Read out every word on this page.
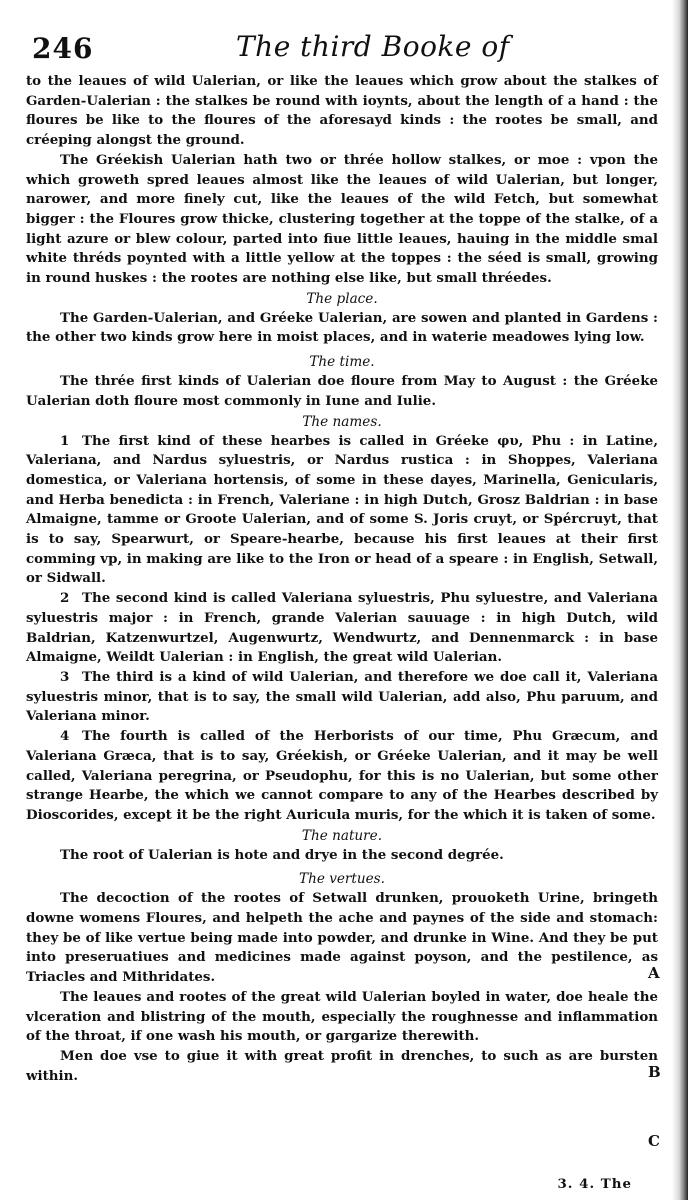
246	The third Booke of

to the leaues of wild Ualerian, or like the leaues which grow about the stalkes of Garden-Ualerian : the stalkes be round with ioynts, about the length of a hand : the floures be like to the floures of the aforesayd kinds : the rootes be small, and créeping alongst the ground.

The Gréekish Ualerian hath two or thrée hollow stalkes, or moe : vpon the which groweth spred leaues almost like the leaues of wild Ualerian, but longer, narower, and more finely cut, like the leaues of the wild Fetch, but somewhat bigger : the Floures grow thicke, clustering together at the toppe of the stalke, of a light azure or blew colour, parted into fiue little leaues, hauing in the middle smal white thréds poynted with a little yellow at the toppes : the séed is small, growing in round huskes : the rootes are nothing else like, but small thréedes.

The place.

The Garden-Ualerian, and Gréeke Ualerian, are sowen and planted in Gardens : the other two kinds grow here in moist places, and in waterie meadowes lying low.

The time.

The thrée first kinds of Ualerian doe floure from May to August : the Gréeke Ualerian doth floure most commonly in Iune and Iulie.

The names.

1 The first kind of these hearbes is called in Gréeke φυ, Phu : in Latine, Valeriana, and Nardus syluestris, or Nardus rustica : in Shoppes, Valeriana domestica, or Valeriana hortensis, of some in these dayes, Marinella, Genicularis, and Herba benedicta : in French, Valeriane : in high Dutch, Grosz Baldrian : in base Almaigne, tamme or Groote Ualerian, and of some S. Joris cruyt, or Spércruyt, that is to say, Spearwurt, or Speare-hearbe, because his first leaues at their first comming vp, in making are like to the Iron or head of a speare : in English, Setwall, or Sidwall.

2 The second kind is called Valeriana syluestris, Phu syluestre, and Valeriana syluestris major : in French, grande Valerian sauuage : in high Dutch, wild Baldrian, Katzenwurtzel, Augenwurtz, Wendwurtz, and Dennenmarck : in base Almaigne, Weildt Ualerian : in English, the great wild Ualerian.

3 The third is a kind of wild Ualerian, and therefore we doe call it, Valeriana syluestris minor, that is to say, the small wild Ualerian, add also, Phu paruum, and Valeriana minor.

4 The fourth is called of the Herborists of our time, Phu Græcum, and Valeriana Græca, that is to say, Gréekish, or Gréeke Ualerian, and it may be well called, Valeriana peregrina, or Pseudophu, for this is no Ualerian, but some other strange Hearbe, the which we cannot compare to any of the Hearbes described by Dioscorides, except it be the right Auricula muris, for the which it is taken of some.

The nature.

The root of Ualerian is hote and drye in the second degrée.

The vertues.

The decoction of the rootes of Setwall drunken, prouoketh Urine, bringeth downe womens Floures, and helpeth the ache and paynes of the side and stomach: they be of like vertue being made into powder, and drunke in Wine. And they be put into preseruatiues and medicines made against poyson, and the pestilence, as Triacles and Mithridates.

The leaues and rootes of the great wild Ualerian boyled in water, doe heale the vlceration and blistring of the mouth, especially the roughnesse and inflammation of the throat, if one wash his mouth, or gargarize therewith.

Men doe vse to giue it with great profit in drenches, to such as are bursten within.

A
B
C
3. 4. The
